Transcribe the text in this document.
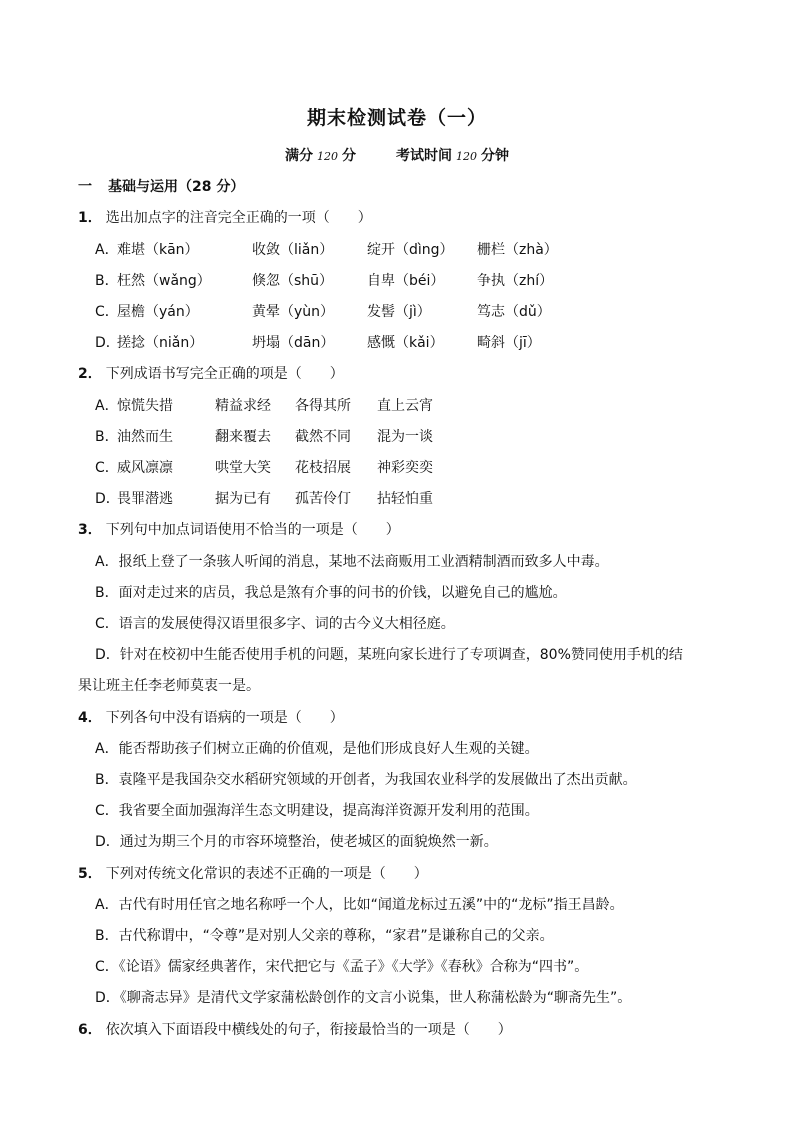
期末检测试卷（一）
满分 120 分	考试时间 120 分钟
一 基础与运用（28 分）
1． 选出加点字的注音完全正确的一项（　　）
A．
难堪（kān）	收敛（liǎn）	绽开（dìng）	栅栏（zhà）
B．
枉然（wǎng）	倏忽（shū）	自卑（béi）	争执（zhí）
C．
屋檐（yán）	黄晕（yùn）	发髻（jì）	笃志（dǔ）
D．
搓捻（niǎn）	坍塌（dān）	感慨（kǎi）	畸斜（jī）
2． 下列成语书写完全正确的项是（　　）
A．
惊慌失措	精益求经	各得其所	直上云宵
B．
油然而生	翻来覆去	截然不同	混为一谈
C．
威风凛凛	哄堂大笑	花枝招展	神彩奕奕
D．
畏罪潜逃	据为已有	孤苦伶仃	拈轻怕重
3． 下列句中加点词语使用不恰当的一项是（　　）
A．报纸上登了一条骇人听闻的消息，某地不法商贩用工业酒精制酒而致多人中毒。
B．面对走过来的店员，我总是煞有介事的问书的价钱，以避免自己的尴尬。
C．语言的发展使得汉语里很多字、词的古今义大相径庭。
D．针对在校初中生能否使用手机的问题，某班向家长进行了专项调查，80%赞同使用手机的结
果让班主任李老师莫衷一是。
4． 下列各句中没有语病的一项是（　　）
A．能否帮助孩子们树立正确的价值观，是他们形成良好人生观的关键。
B．袁隆平是我国杂交水稻研究领域的开创者，为我国农业科学的发展做出了杰出贡献。
C．我省要全面加强海洋生态文明建设，提高海洋资源开发利用的范围。
D．通过为期三个月的市容环境整治，使老城区的面貌焕然一新。
5． 下列对传统文化常识的表述不正确的一项是（　　）
A．古代有时用任官之地名称呼一个人，比如“闻道龙标过五溪”中的“龙标”指王昌龄。
B．古代称谓中，“令尊”是对别人父亲的尊称，“家君”是谦称自己的父亲。
C．《论语》儒家经典著作，宋代把它与《孟子》《大学》《春秋》合称为“四书”。
D．《聊斋志异》是清代文学家蒲松龄创作的文言小说集，世人称蒲松龄为“聊斋先生”。
6． 依次填入下面语段中横线处的句子，衔接最恰当的一项是（　　）
